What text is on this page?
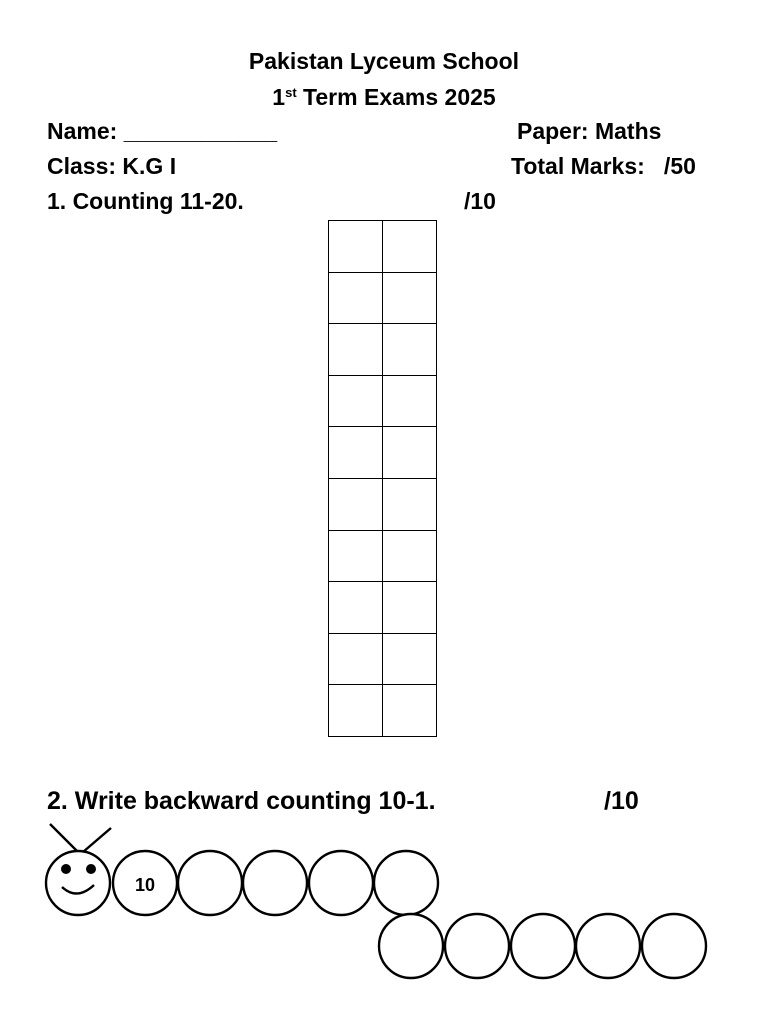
Pakistan Lyceum School
1st Term Exams 2025
Name: ____________	Paper: Maths
Class: K.G I	Total Marks:   /50
1. Counting 11-20.	/10

2. Write backward counting 10-1.	/10
10
